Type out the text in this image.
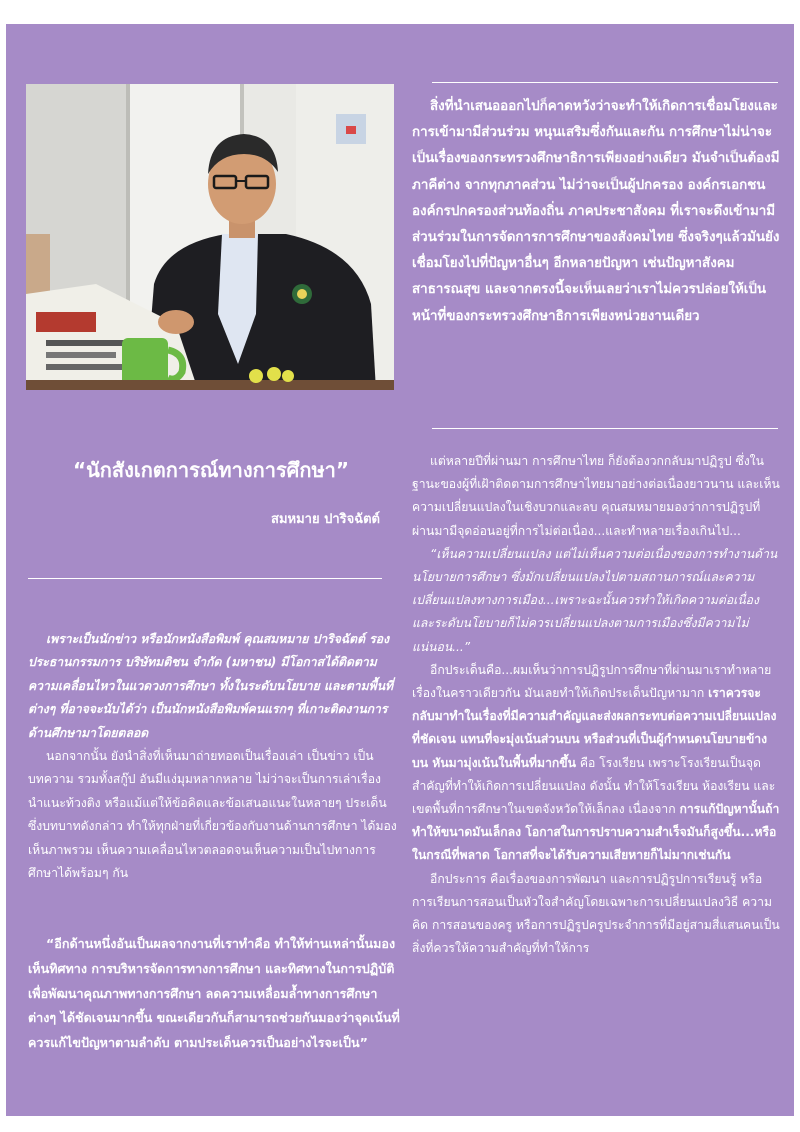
สิ่งที่นำเสนอออกไปก็คาดหวังว่าจะทำให้เกิดการเชื่อมโยงและการเข้ามามีส่วนร่วม หนุนเสริมซึ่งกันและกัน การศึกษาไม่น่าจะเป็นเรื่องของกระทรวงศึกษาธิการเพียงอย่างเดียว มันจำเป็นต้องมีภาคีต่าง จากทุกภาคส่วน ไม่ว่าจะเป็นผู้ปกครอง องค์กรเอกชน องค์กรปกครองส่วนท้องถิ่น ภาคประชาสังคม ที่เราจะดึงเข้ามามีส่วนร่วมในการจัดการการศึกษาของสังคมไทย ซึ่งจริงๆแล้วมันยังเชื่อมโยงไปที่ปัญหาอื่นๆ อีกหลายปัญหา เช่นปัญหาสังคม สาธารณสุข และจากตรงนี้จะเห็นเลยว่าเราไม่ควรปล่อยให้เป็นหน้าที่ของกระทรวงศึกษาธิการเพียงหน่วยงานเดียว

“นักสังเกตการณ์ทางการศึกษา”
สมหมาย ปาริจฉัตต์

แต่หลายปีที่ผ่านมา การศึกษาไทย ก็ยังต้องวกกลับมาปฏิรูป ซึ่งในฐานะของผู้ที่เฝ้าติดตามการศึกษาไทยมาอย่างต่อเนื่องยาวนาน และเห็นความเปลี่ยนแปลงในเชิงบวกและลบ คุณสมหมายมองว่าการปฏิรูปที่ผ่านมามีจุดอ่อนอยู่ที่การไม่ต่อเนื่อง...และทำหลายเรื่องเกินไป...

“เห็นความเปลี่ยนแปลง แต่ไม่เห็นความต่อเนื่องของการทำงานด้านนโยบายการศึกษา ซึ่งมักเปลี่ยนแปลงไปตามสถานการณ์และความเปลี่ยนแปลงทางการเมือง...เพราะฉะนั้นควรทำให้เกิดความต่อเนื่อง และระดับนโยบายก็ไม่ควรเปลี่ยนแปลงตามการเมืองซึ่งมีความไม่แน่นอน...”

อีกประเด็นคือ...ผมเห็นว่าการปฏิรูปการศึกษาที่ผ่านมาเราทำหลายเรื่องในคราวเดียวกัน มันเลยทำให้เกิดประเด็นปัญหามาก เราควรจะกลับมาทำในเรื่องที่มีความสำคัญและส่งผลกระทบต่อความเปลี่ยนแปลงที่ชัดเจน แทนที่จะมุ่งเน้นส่วนบน หรือส่วนที่เป็นผู้กำหนดนโยบายข้างบน หันมามุ่งเน้นในพื้นที่มากขึ้น คือ โรงเรียน เพราะโรงเรียนเป็นจุดสำคัญที่ทำให้เกิดการเปลี่ยนแปลง ดังนั้น ทำให้โรงเรียน ห้องเรียน และเขตพื้นที่การศึกษาในเขตจังหวัดให้เล็กลง เนื่องจาก การแก้ปัญหานั้นถ้าทำให้ขนาดมันเล็กลง โอกาสในการปราบความสำเร็จมันก็สูงขึ้น...หรือในกรณีที่พลาด โอกาสที่จะได้รับความเสียหายก็ไม่มากเช่นกัน

อีกประการ คือเรื่องของการพัฒนา และการปฏิรูปการเรียนรู้ หรือการเรียนการสอนเป็นหัวใจสำคัญโดยเฉพาะการเปลี่ยนแปลงวิธี ความคิด การสอนของครู หรือการปฏิรูปครูประจำการที่มีอยู่สามสี่แสนคนเป็นสิ่งที่ควรให้ความสำคัญที่ทำให้การ

เพราะเป็นนักข่าว หรือนักหนังสือพิมพ์ คุณสมหมาย ปาริจฉัตต์ รองประธานกรรมการ บริษัทมติชน จำกัด (มหาชน) มีโอกาสได้ติดตามความเคลื่อนไหวในแวดวงการศึกษา ทั้งในระดับนโยบาย และตามพื้นที่ต่างๆ ที่อาจจะนับได้ว่า เป็นนักหนังสือพิมพ์คนแรกๆ ที่เกาะติดงานการด้านศึกษามาโดยตลอด

นอกจากนั้น ยังนำสิ่งที่เห็นมาถ่ายทอดเป็นเรื่องเล่า เป็นข่าว เป็นบทความ รวมทั้งสกู๊ป อันมีแง่มุมหลากหลาย ไม่ว่าจะเป็นการเล่าเรื่อง นำแนะท้วงติง หรือแม้แต่ให้ข้อคิดและข้อเสนอแนะในหลายๆ ประเด็น ซึ่งบทบาทดังกล่าว ทำให้ทุกฝ่ายที่เกี่ยวข้องกับงานด้านการศึกษา ได้มองเห็นภาพรวม เห็นความเคลื่อนไหวตลอดจนเห็นความเป็นไปทางการศึกษาได้พร้อมๆ กัน

“อีกด้านหนึ่งอันเป็นผลจากงานที่เราทำคือ ทำให้ท่านเหล่านั้นมองเห็นทิศทาง การบริหารจัดการทางการศึกษา และทิศทางในการปฏิบัติเพื่อพัฒนาคุณภาพทางการศึกษา ลดความเหลื่อมล้ำทางการศึกษาต่างๆ ได้ชัดเจนมากขึ้น ขณะเดียวกันก็สามารถช่วยกันมองว่าจุดเน้นที่ควรแก้ไขปัญหาตามลำดับ ตามประเด็นควรเป็นอย่างไรจะเป็น”
